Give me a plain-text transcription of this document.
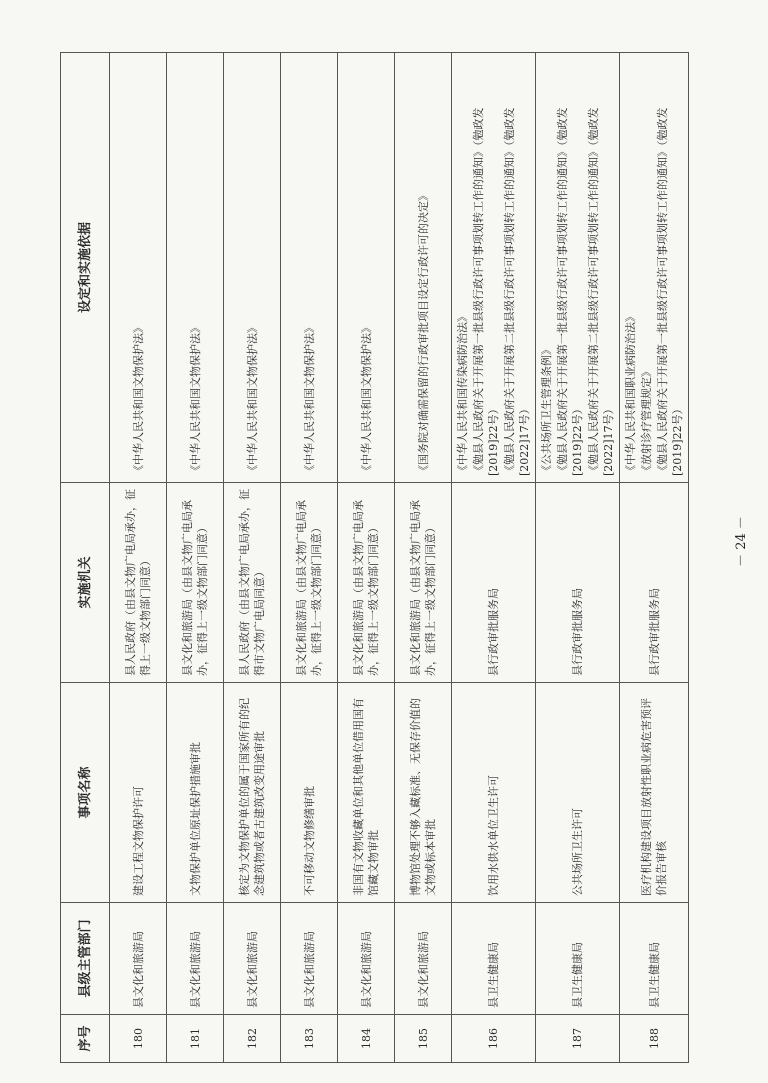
序号	县级主管部门	事项名称	实施机关	设定和实施依据
180	县文化和旅游局	建设工程文物保护许可	县人民政府（由县文物广电局承办，征得上一级文物部门同意）	《中华人民共和国文物保护法》

181	县文化和旅游局	文物保护单位原址保护措施审批	县文化和旅游局（由县文物广电局承办，征得上一级文物部门同意）	《中华人民共和国文物保护法》

182	县文化和旅游局	核定为文物保护单位的属于国家所有的纪念建筑物或者古建筑改变用途审批	县人民政府（由县文物广电局承办，征得市文物广电局同意）	《中华人民共和国文物保护法》

183	县文化和旅游局	不可移动文物修缮审批	县文化和旅游局（由县文物广电局承办，征得上一级文物部门同意）	《中华人民共和国文物保护法》

184	县文化和旅游局	非国有文物收藏单位和其他单位借用国有馆藏文物审批	县文化和旅游局（由县文物广电局承办，征得上一级文物部门同意）	《中华人民共和国文物保护法》

185	县文化和旅游局	博物馆处理不够入藏标准、无保存价值的文物或标本审批	县文化和旅游局（由县文物广电局承办，征得上一级文物部门同意）	《国务院对确需保留的行政审批项目设定行政许可的决定》

186	县卫生健康局	饮用水供水单位卫生许可	县行政审批服务局	《中华人民共和国传染病防治法》 《勉县人民政府关于开展第一批县级行政许可事项划转工作的通知》（勉政发[2019]22号） 《勉县人民政府关于开展第二批县级行政许可事项划转工作的通知》（勉政发[2022]17号）

187	县卫生健康局	公共场所卫生许可	县行政审批服务局	《公共场所卫生管理条例》 《勉县人民政府关于开展第一批县级行政许可事项划转工作的通知》（勉政发[2019]22号） 《勉县人民政府关于开展第二批县级行政许可事项划转工作的通知》（勉政发[2022]17号）

188	县卫生健康局	医疗机构建设项目放射性职业病危害预评价报告审核	县行政审批服务局	《中华人民共和国职业病防治法》 《放射诊疗管理规定》 《勉县人民政府关于开展第一批县级行政许可事项划转工作的通知》（勉政发[2019]22号）
－ 24 －
